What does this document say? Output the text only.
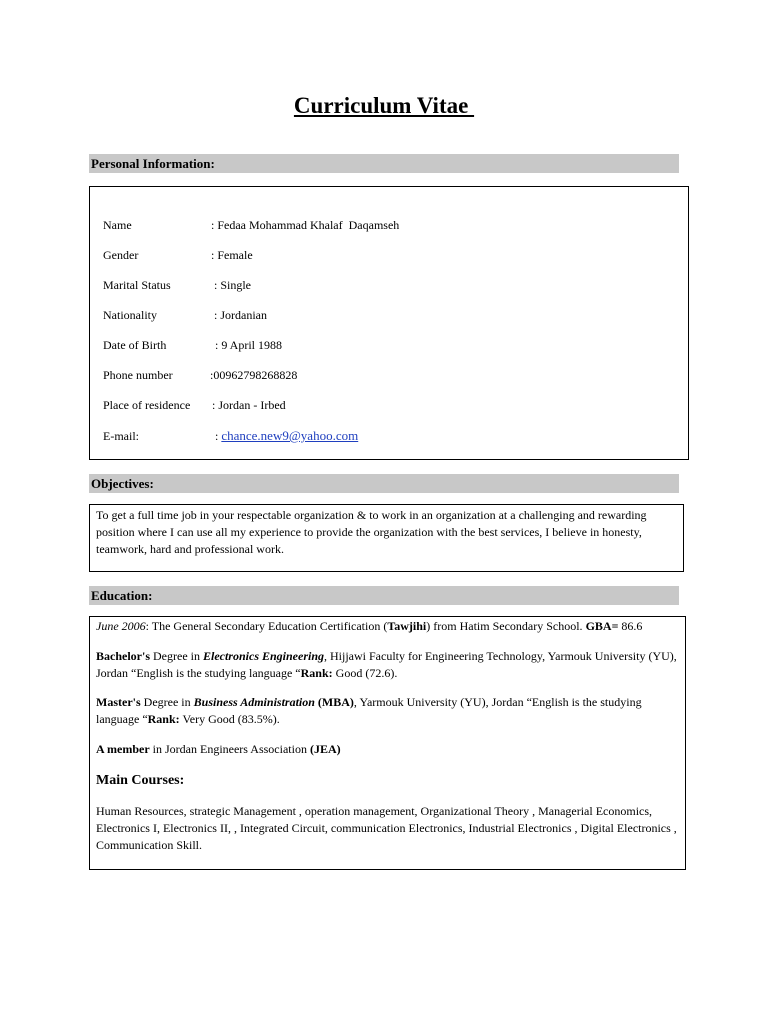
Curriculum Vitae
Personal Information:

Name

	: Fedaa Mohammad Khalaf  Daqamseh

Gender

	: Female

Marital Status

	: Single

Nationality

	: Jordanian

Date of Birth

	: 9 April 1988

Phone number

	:00962798268828

Place of residence

: Jordan - Irbed

E-mail:

	: chance.new9@yahoo.com

Objectives:
To get a full time job in your respectable organization & to work in an organization at a challenging and rewarding position where I can use all my experience to provide the organization with the best services, I believe in honesty, teamwork, hard and professional work.
Education:

June 2006: The General Secondary Education Certification (Tawjihi) from Hatim Secondary School. GBA= 86.6

Bachelor's Degree in Electronics Engineering, Hijjawi Faculty for Engineering Technology, Yarmouk University (YU), Jordan “English is the studying language “Rank: Good (72.6).

Master's Degree in Business Administration (MBA), Yarmouk University (YU), Jordan “English is the studying language “Rank: Very Good (83.5%).

A member in Jordan Engineers Association (JEA)

Main Courses:

Human Resources, strategic Management , operation management, Organizational Theory , Managerial Economics, Electronics I, Electronics II, , Integrated Circuit, communication Electronics, Industrial Electronics , Digital Electronics , Communication Skill.
